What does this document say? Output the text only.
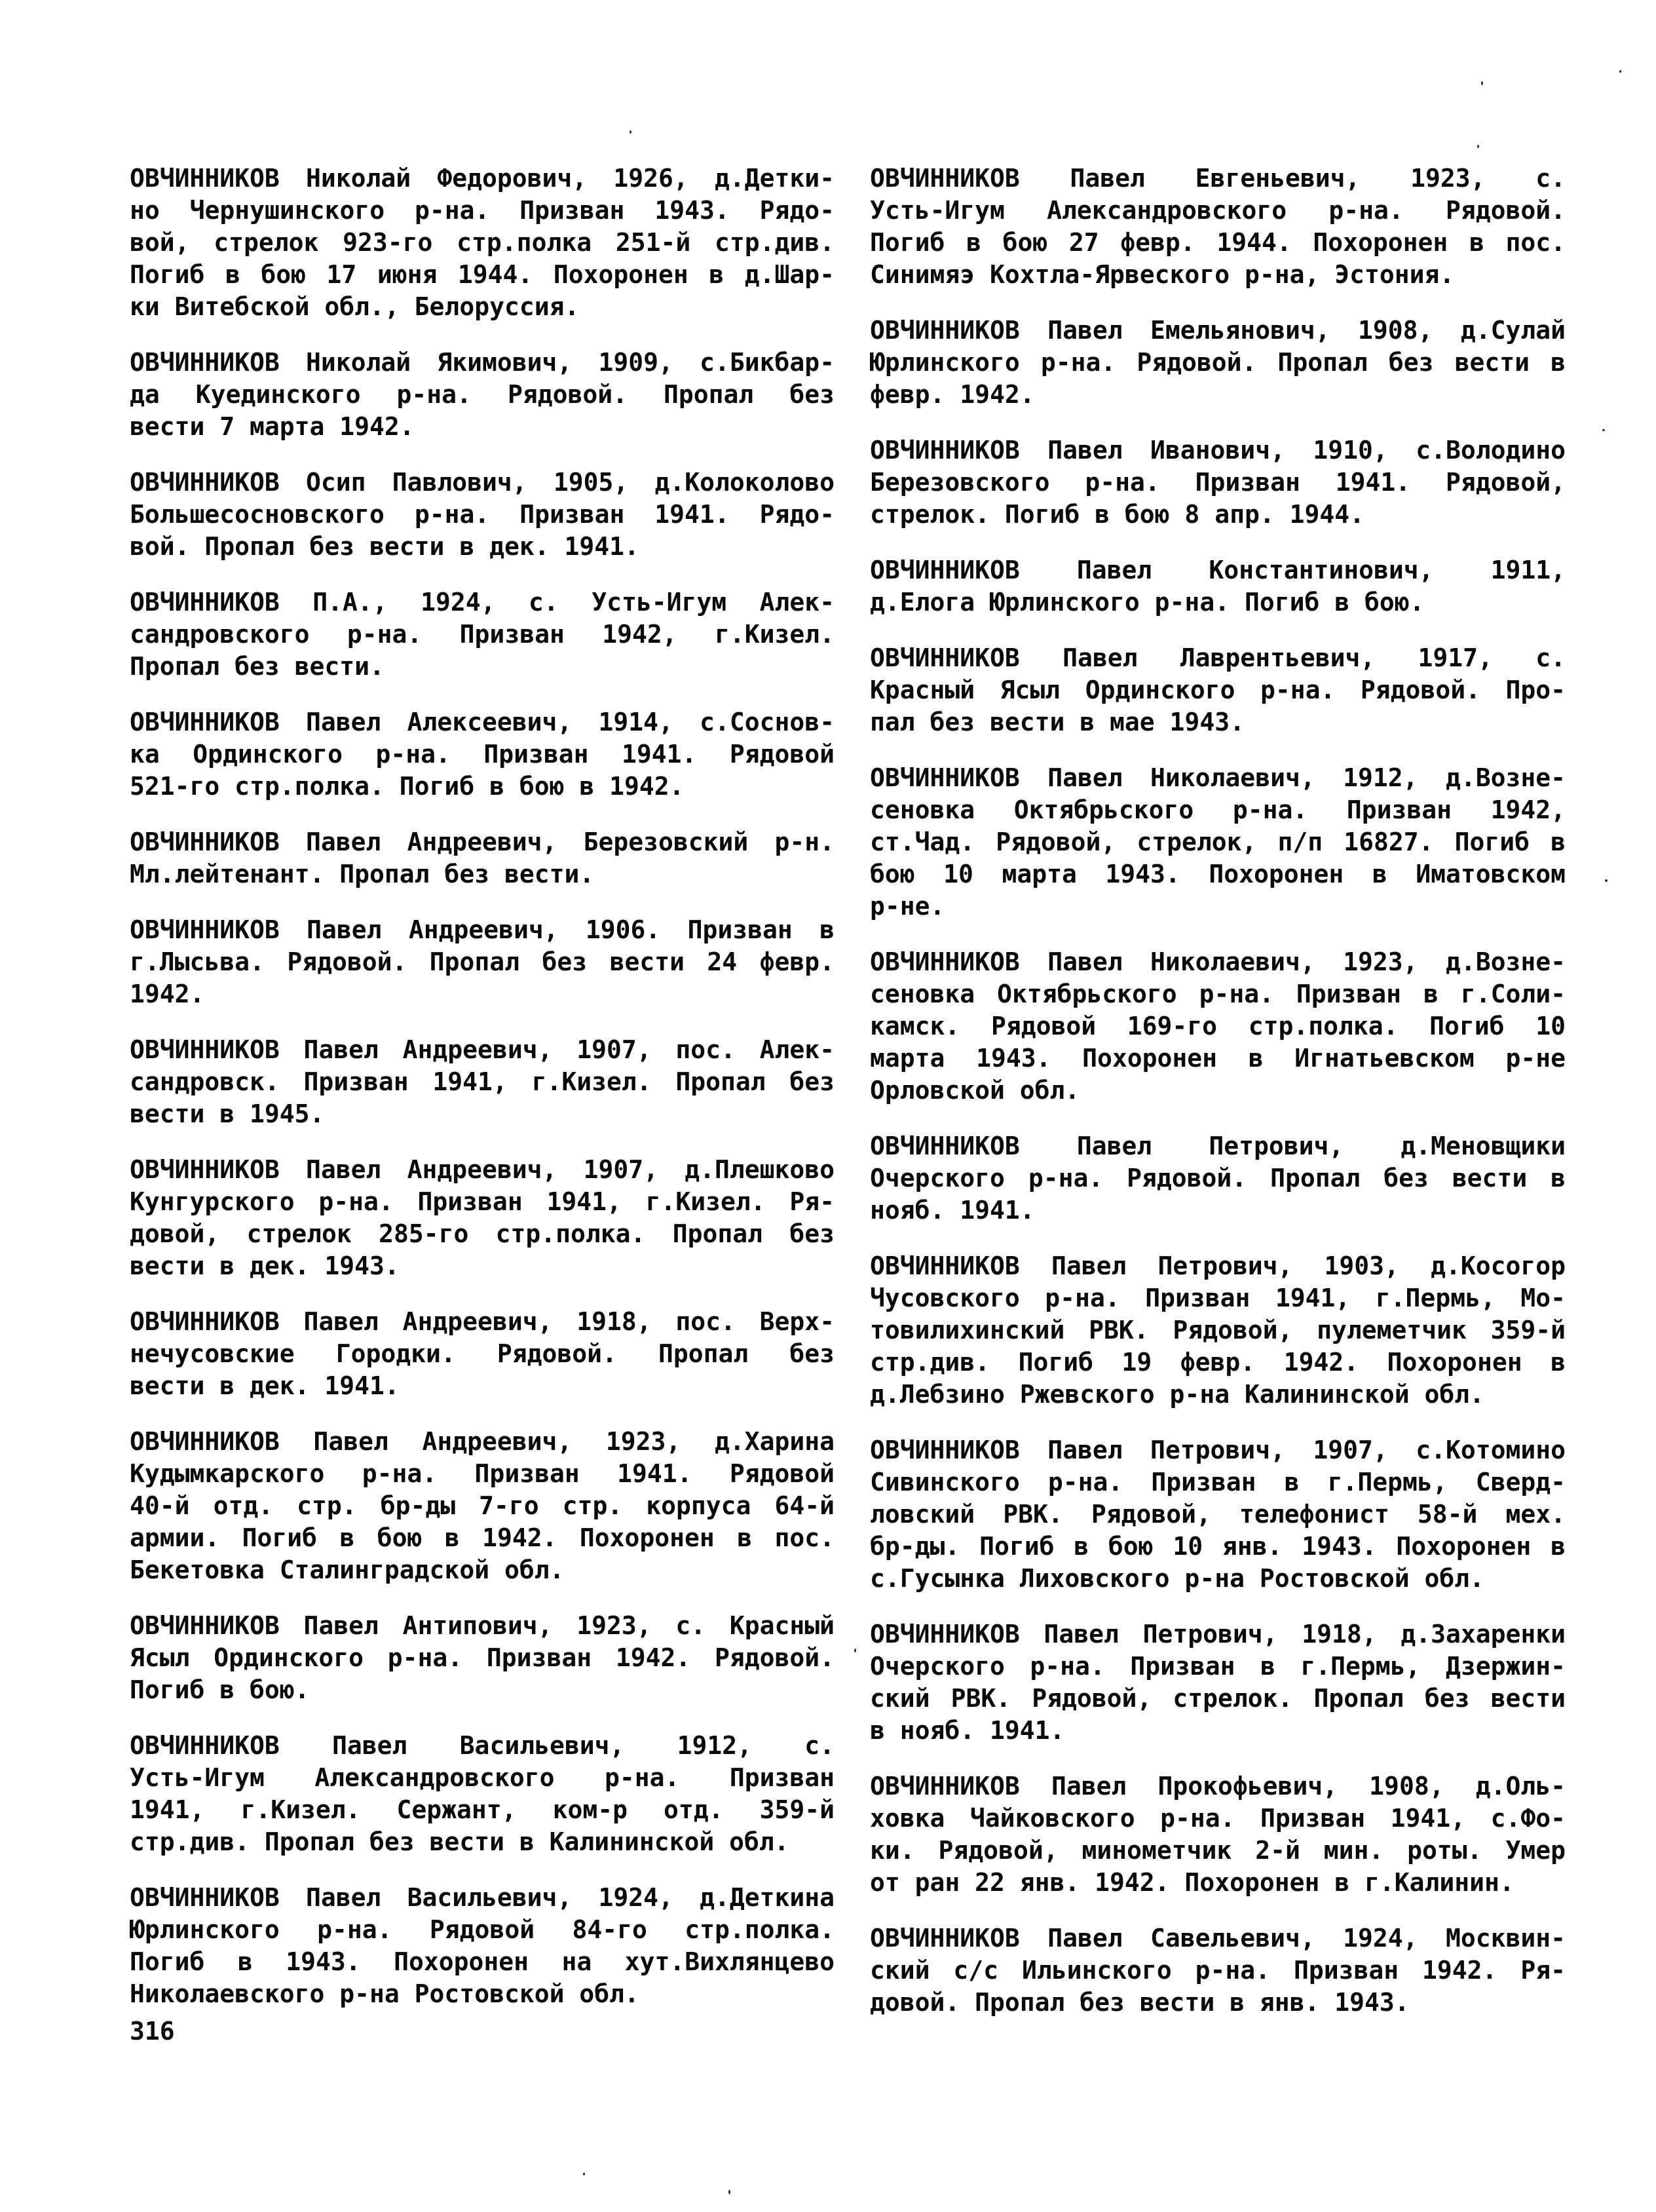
ОВЧИННИКОВ Николай Федорович, 1926, д.Детки-
но Чернушинского р-на. Призван 1943. Рядо-
вой, стрелок 923-го стр.полка 251-й стр.див.
Погиб в бою 17 июня 1944. Похоронен в д.Шар-
ки Витебской обл., Белоруссия.
ОВЧИННИКОВ Николай Якимович, 1909, с.Бикбар-
да Куединского р-на. Рядовой. Пропал без
вести 7 марта 1942.
ОВЧИННИКОВ Осип Павлович, 1905, д.Колоколово
Большесосновского р-на. Призван 1941. Рядо-
вой. Пропал без вести в дек. 1941.
ОВЧИННИКОВ П.А., 1924, с. Усть-Игум Алек-
сандровского р-на. Призван 1942, г.Кизел.
Пропал без вести.
ОВЧИННИКОВ Павел Алексеевич, 1914, с.Соснов-
ка Ординского р-на. Призван 1941. Рядовой
521-го стр.полка. Погиб в бою в 1942.
ОВЧИННИКОВ Павел Андреевич, Березовский р-н.
Мл.лейтенант. Пропал без вести.
ОВЧИННИКОВ Павел Андреевич, 1906. Призван в
г.Лысьва. Рядовой. Пропал без вести 24 февр.
1942.
ОВЧИННИКОВ Павел Андреевич, 1907, пос. Алек-
сандровск. Призван 1941, г.Кизел. Пропал без
вести в 1945.
ОВЧИННИКОВ Павел Андреевич, 1907, д.Плешково
Кунгурского р-на. Призван 1941, г.Кизел. Ря-
довой, стрелок 285-го стр.полка. Пропал без
вести в дек. 1943.
ОВЧИННИКОВ Павел Андреевич, 1918, пос. Верх-
нечусовские Городки. Рядовой. Пропал без
вести в дек. 1941.
ОВЧИННИКОВ Павел Андреевич, 1923, д.Харина
Кудымкарского р-на. Призван 1941. Рядовой
40-й отд. стр. бр-ды 7-го стр. корпуса 64-й
армии. Погиб в бою в 1942. Похоронен в пос.
Бекетовка Сталинградской обл.
ОВЧИННИКОВ Павел Антипович, 1923, с. Красный
Ясыл Ординского р-на. Призван 1942. Рядовой.
Погиб в бою.
ОВЧИННИКОВ Павел Васильевич, 1912, с.
Усть-Игум Александровского р-на. Призван
1941, г.Кизел. Сержант, ком-р отд. 359-й
стр.див. Пропал без вести в Калининской обл.
ОВЧИННИКОВ Павел Васильевич, 1924, д.Деткина
Юрлинского р-на. Рядовой 84-го стр.полка.
Погиб в 1943. Похоронен на хут.Вихлянцево
Николаевского р-на Ростовской обл.
ОВЧИННИКОВ Павел Евгеньевич, 1923, с.
Усть-Игум Александровского р-на. Рядовой.
Погиб в бою 27 февр. 1944. Похоронен в пос.
Синимяэ Кохтла-Ярвеского р-на, Эстония.
ОВЧИННИКОВ Павел Емельянович, 1908, д.Сулай
Юрлинского р-на. Рядовой. Пропал без вести в
февр. 1942.
ОВЧИННИКОВ Павел Иванович, 1910, с.Володино
Березовского р-на. Призван 1941. Рядовой,
стрелок. Погиб в бою 8 апр. 1944.
ОВЧИННИКОВ Павел Константинович, 1911,
д.Елога Юрлинского р-на. Погиб в бою.
ОВЧИННИКОВ Павел Лаврентьевич, 1917, с.
Красный Ясыл Ординского р-на. Рядовой. Про-
пал без вести в мае 1943.
ОВЧИННИКОВ Павел Николаевич, 1912, д.Возне-
сеновка Октябрьского р-на. Призван 1942,
ст.Чад. Рядовой, стрелок, п/п 16827. Погиб в
бою 10 марта 1943. Похоронен в Иматовском
р-не.
ОВЧИННИКОВ Павел Николаевич, 1923, д.Возне-
сеновка Октябрьского р-на. Призван в г.Соли-
камск. Рядовой 169-го стр.полка. Погиб 10
марта 1943. Похоронен в Игнатьевском р-не
Орловской обл.
ОВЧИННИКОВ Павел Петрович, д.Меновщики
Очерского р-на. Рядовой. Пропал без вести в
нояб. 1941.
ОВЧИННИКОВ Павел Петрович, 1903, д.Косогор
Чусовского р-на. Призван 1941, г.Пермь, Мо-
товилихинский РВК. Рядовой, пулеметчик 359-й
стр.див. Погиб 19 февр. 1942. Похоронен в
д.Лебзино Ржевского р-на Калининской обл.
ОВЧИННИКОВ Павел Петрович, 1907, с.Котомино
Сивинского р-на. Призван в г.Пермь, Сверд-
ловский РВК. Рядовой, телефонист 58-й мех.
бр-ды. Погиб в бою 10 янв. 1943. Похоронен в
с.Гусынка Лиховского р-на Ростовской обл.
ОВЧИННИКОВ Павел Петрович, 1918, д.Захаренки
Очерского р-на. Призван в г.Пермь, Дзержин-
ский РВК. Рядовой, стрелок. Пропал без вести
в нояб. 1941.
ОВЧИННИКОВ Павел Прокофьевич, 1908, д.Оль-
ховка Чайковского р-на. Призван 1941, с.Фо-
ки. Рядовой, минометчик 2-й мин. роты. Умер
от ран 22 янв. 1942. Похоронен в г.Калинин.
ОВЧИННИКОВ Павел Савельевич, 1924, Москвин-
ский с/с Ильинского р-на. Призван 1942. Ря-
довой. Пропал без вести в янв. 1943.
316
